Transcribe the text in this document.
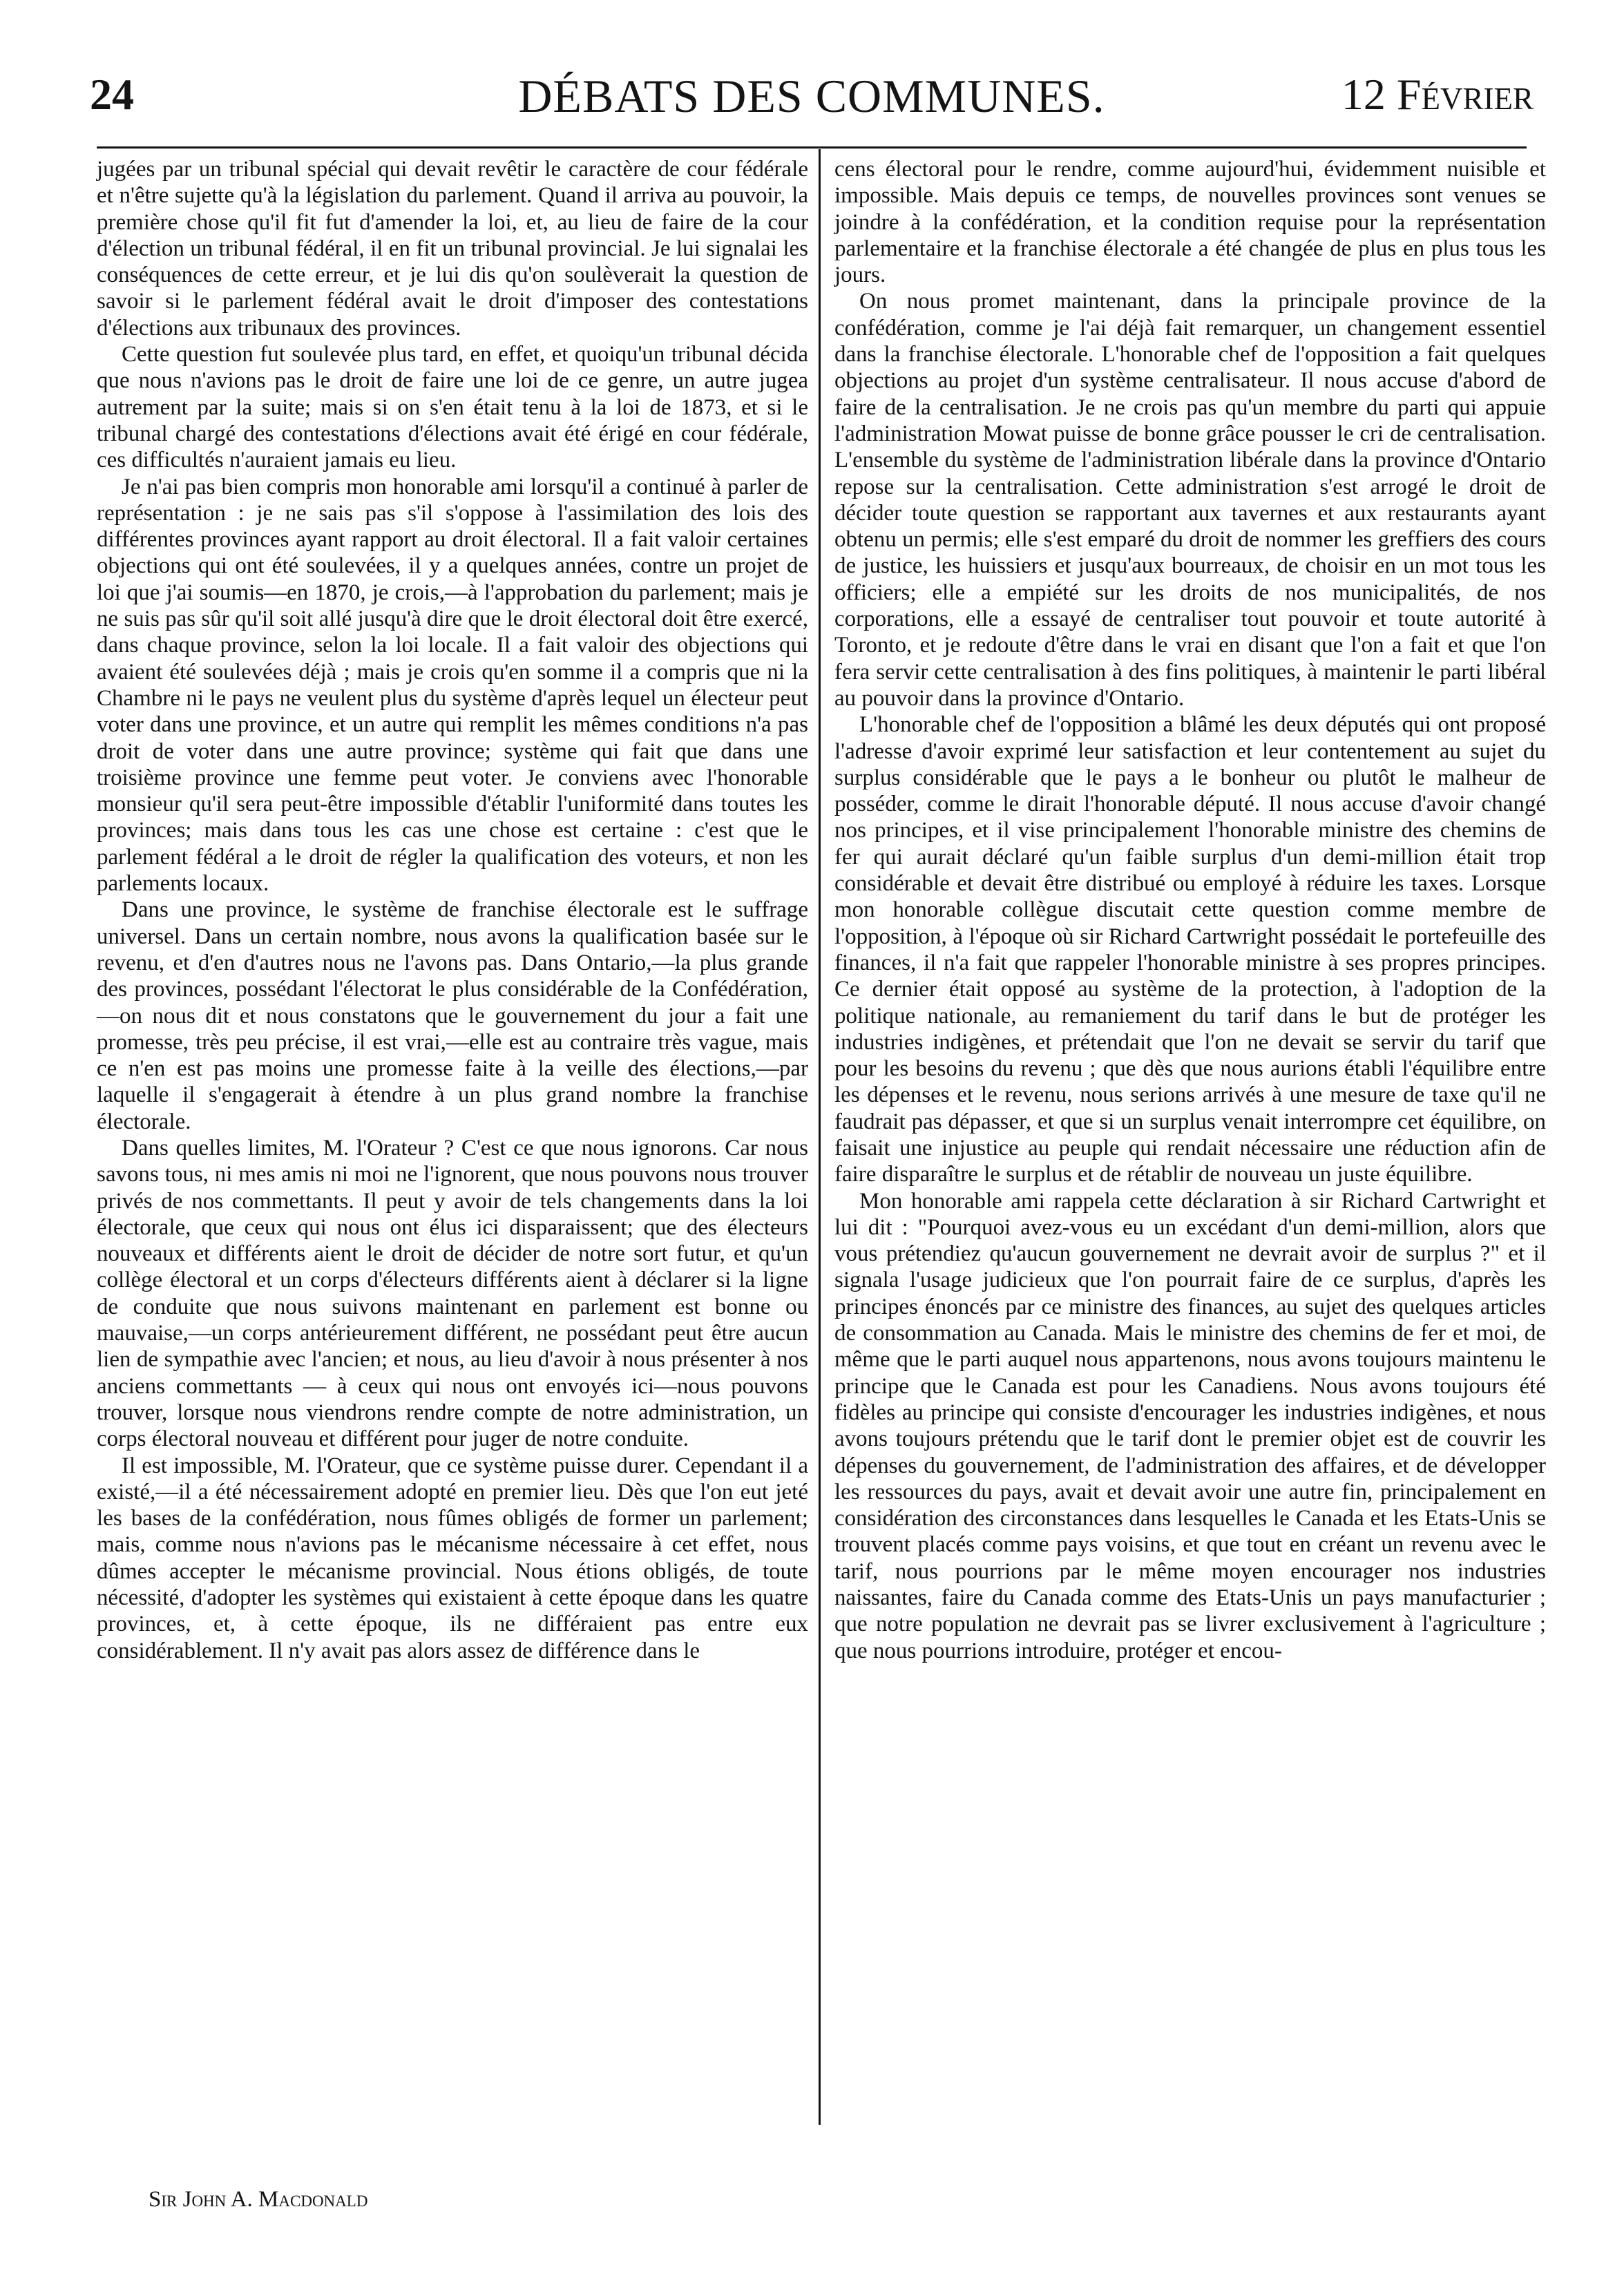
24	DÉBATS DES COMMUNES.	12 Février

jugées par un tribunal spécial qui devait revêtir le caractère de cour fédérale et n'être sujette qu'à la législation du parlement. Quand il arriva au pouvoir, la première chose qu'il fit fut d'amender la loi, et, au lieu de faire de la cour d'élection un tribunal fédéral, il en fit un tribunal provincial. Je lui signalai les conséquences de cette erreur, et je lui dis qu'on soulèverait la question de savoir si le parlement fédéral avait le droit d'imposer des contestations d'élections aux tribunaux des provinces.

Cette question fut soulevée plus tard, en effet, et quoiqu'un tribunal décida que nous n'avions pas le droit de faire une loi de ce genre, un autre jugea autrement par la suite; mais si on s'en était tenu à la loi de 1873, et si le tribunal chargé des contestations d'élections avait été érigé en cour fédérale, ces difficultés n'auraient jamais eu lieu.

Je n'ai pas bien compris mon honorable ami lorsqu'il a continué à parler de représentation : je ne sais pas s'il s'oppose à l'assimilation des lois des différentes provinces ayant rapport au droit électoral. Il a fait valoir certaines objections qui ont été soulevées, il y a quelques années, contre un projet de loi que j'ai soumis—en 1870, je crois,—à l'approbation du parlement; mais je ne suis pas sûr qu'il soit allé jusqu'à dire que le droit électoral doit être exercé, dans chaque province, selon la loi locale. Il a fait valoir des objections qui avaient été soulevées déjà ; mais je crois qu'en somme il a compris que ni la Chambre ni le pays ne veulent plus du système d'après lequel un électeur peut voter dans une province, et un autre qui remplit les mêmes conditions n'a pas droit de voter dans une autre province; système qui fait que dans une troisième province une femme peut voter. Je conviens avec l'honorable monsieur qu'il sera peut-être impossible d'établir l'uniformité dans toutes les provinces; mais dans tous les cas une chose est certaine : c'est que le parlement fédéral a le droit de régler la qualification des voteurs, et non les parlements locaux.

Dans une province, le système de franchise électorale est le suffrage universel. Dans un certain nombre, nous avons la qualification basée sur le revenu, et d'en d'autres nous ne l'avons pas. Dans Ontario,—la plus grande des provinces, possédant l'électorat le plus considérable de la Confédération,—on nous dit et nous constatons que le gouvernement du jour a fait une promesse, très peu précise, il est vrai,—elle est au contraire très vague, mais ce n'en est pas moins une promesse faite à la veille des élections,—par laquelle il s'engagerait à étendre à un plus grand nombre la franchise électorale.

Dans quelles limites, M. l'Orateur ? C'est ce que nous ignorons. Car nous savons tous, ni mes amis ni moi ne l'ignorent, que nous pouvons nous trouver privés de nos commettants. Il peut y avoir de tels changements dans la loi électorale, que ceux qui nous ont élus ici disparaissent; que des électeurs nouveaux et différents aient le droit de décider de notre sort futur, et qu'un collège électoral et un corps d'électeurs différents aient à déclarer si la ligne de conduite que nous suivons maintenant en parlement est bonne ou mauvaise,—un corps antérieurement différent, ne possédant peut être aucun lien de sympathie avec l'ancien; et nous, au lieu d'avoir à nous présenter à nos anciens commettants — à ceux qui nous ont envoyés ici—nous pouvons trouver, lorsque nous viendrons rendre compte de notre administration, un corps électoral nouveau et différent pour juger de notre conduite.

Il est impossible, M. l'Orateur, que ce système puisse durer. Cependant il a existé,—il a été nécessairement adopté en premier lieu. Dès que l'on eut jeté les bases de la confédération, nous fûmes obligés de former un parlement; mais, comme nous n'avions pas le mécanisme nécessaire à cet effet, nous dûmes accepter le mécanisme provincial. Nous étions obligés, de toute nécessité, d'adopter les systèmes qui existaient à cette époque dans les quatre provinces, et, à cette époque, ils ne différaient pas entre eux considérablement. Il n'y avait pas alors assez de différence dans le

cens électoral pour le rendre, comme aujourd'hui, évidemment nuisible et impossible. Mais depuis ce temps, de nouvelles provinces sont venues se joindre à la confédération, et la condition requise pour la représentation parlementaire et la franchise électorale a été changée de plus en plus tous les jours.

On nous promet maintenant, dans la principale province de la confédération, comme je l'ai déjà fait remarquer, un changement essentiel dans la franchise électorale. L'honorable chef de l'opposition a fait quelques objections au projet d'un système centralisateur. Il nous accuse d'abord de faire de la centralisation. Je ne crois pas qu'un membre du parti qui appuie l'administration Mowat puisse de bonne grâce pousser le cri de centralisation. L'ensemble du système de l'administration libérale dans la province d'Ontario repose sur la centralisation. Cette administration s'est arrogé le droit de décider toute question se rapportant aux tavernes et aux restaurants ayant obtenu un permis; elle s'est emparé du droit de nommer les greffiers des cours de justice, les huissiers et jusqu'aux bourreaux, de choisir en un mot tous les officiers; elle a empiété sur les droits de nos municipalités, de nos corporations, elle a essayé de centraliser tout pouvoir et toute autorité à Toronto, et je redoute d'être dans le vrai en disant que l'on a fait et que l'on fera servir cette centralisation à des fins politiques, à maintenir le parti libéral au pouvoir dans la province d'Ontario.

L'honorable chef de l'opposition a blâmé les deux députés qui ont proposé l'adresse d'avoir exprimé leur satisfaction et leur contentement au sujet du surplus considérable que le pays a le bonheur ou plutôt le malheur de posséder, comme le dirait l'honorable député. Il nous accuse d'avoir changé nos principes, et il vise principalement l'honorable ministre des chemins de fer qui aurait déclaré qu'un faible surplus d'un demi-million était trop considérable et devait être distribué ou employé à réduire les taxes. Lorsque mon honorable collègue discutait cette question comme membre de l'opposition, à l'époque où sir Richard Cartwright possédait le portefeuille des finances, il n'a fait que rappeler l'honorable ministre à ses propres principes. Ce dernier était opposé au système de la protection, à l'adoption de la politique nationale, au remaniement du tarif dans le but de protéger les industries indigènes, et prétendait que l'on ne devait se servir du tarif que pour les besoins du revenu ; que dès que nous aurions établi l'équilibre entre les dépenses et le revenu, nous serions arrivés à une mesure de taxe qu'il ne faudrait pas dépasser, et que si un surplus venait interrompre cet équilibre, on faisait une injustice au peuple qui rendait nécessaire une réduction afin de faire disparaître le surplus et de rétablir de nouveau un juste équilibre.

Mon honorable ami rappela cette déclaration à sir Richard Cartwright et lui dit : "Pourquoi avez-vous eu un excédant d'un demi-million, alors que vous prétendiez qu'aucun gouvernement ne devrait avoir de surplus ?" et il signala l'usage judicieux que l'on pourrait faire de ce surplus, d'après les principes énoncés par ce ministre des finances, au sujet des quelques articles de consommation au Canada. Mais le ministre des chemins de fer et moi, de même que le parti auquel nous appartenons, nous avons toujours maintenu le principe que le Canada est pour les Canadiens. Nous avons toujours été fidèles au principe qui consiste d'encourager les industries indigènes, et nous avons toujours prétendu que le tarif dont le premier objet est de couvrir les dépenses du gouvernement, de l'administration des affaires, et de développer les ressources du pays, avait et devait avoir une autre fin, principalement en considération des circonstances dans lesquelles le Canada et les Etats-Unis se trouvent placés comme pays voisins, et que tout en créant un revenu avec le tarif, nous pourrions par le même moyen encourager nos industries naissantes, faire du Canada comme des Etats-Unis un pays manufacturier ; que notre population ne devrait pas se livrer exclusivement à l'agriculture ; que nous pourrions introduire, protéger et encou-

Sir John A. Macdonald
